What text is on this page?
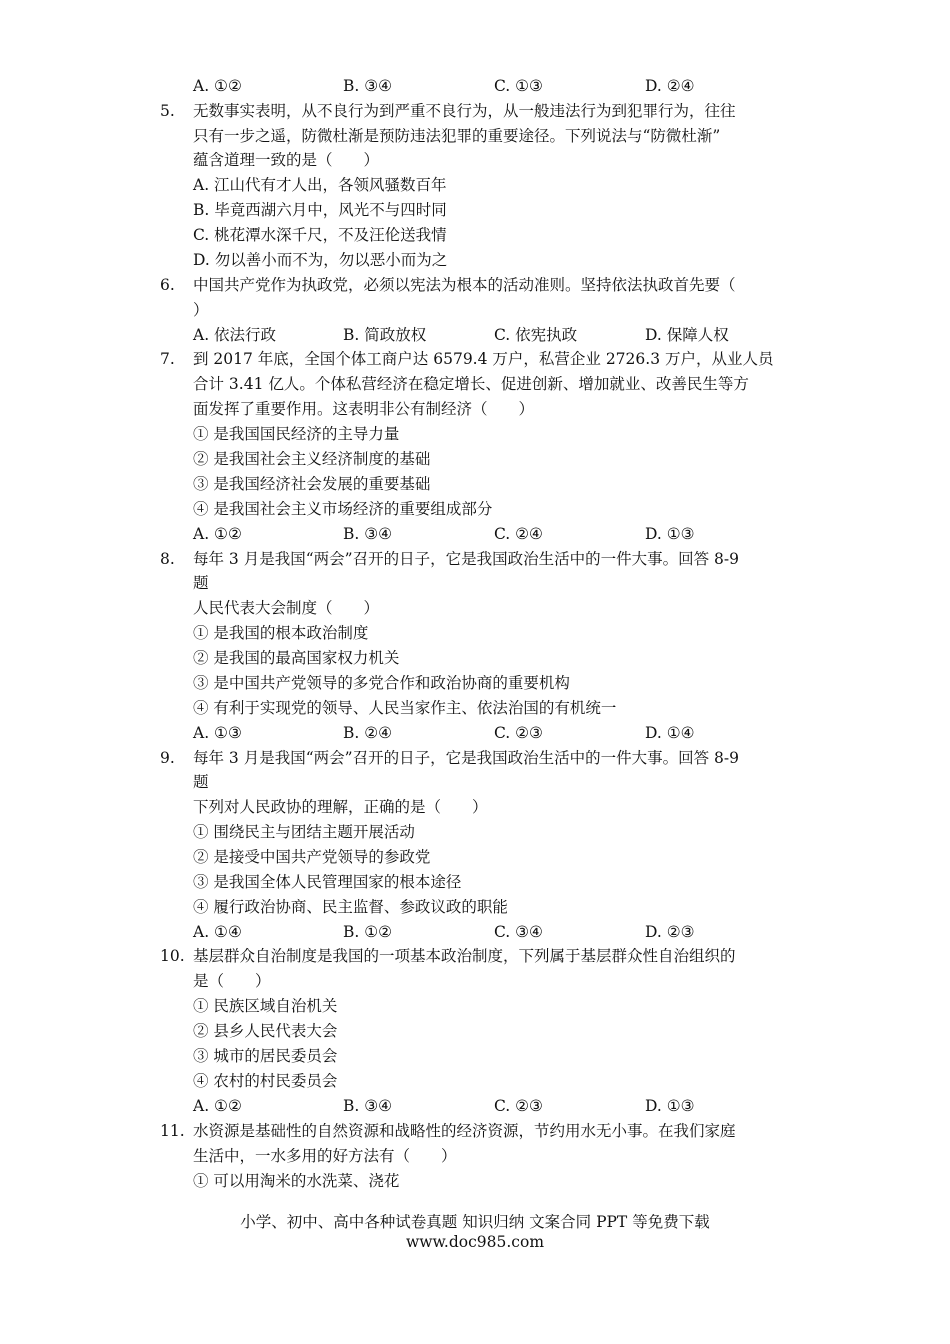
A. ①②	B. ③④	C. ①③	D. ②④
5. 无数事实表明，从不良行为到严重不良行为，从一般违法行为到犯罪行为，往往
只有一步之遥，防微杜渐是预防违法犯罪的重要途径。下列说法与“防微杜渐”
蕴含道理一致的是（　　）
A. 江山代有才人出，各领风骚数百年
B. 毕竟西湖六月中，风光不与四时同
C. 桃花潭水深千尺，不及汪伦送我情
D. 勿以善小而不为，勿以恶小而为之
6. 中国共产党作为执政党，必须以宪法为根本的活动准则。坚持依法执政首先要（
）
A. 依法行政	B. 简政放权	C. 依宪执政	D. 保障人权
7. 到 2017 年底，全国个体工商户达 6579.4 万户，私营企业 2726.3 万户，从业人员
合计 3.41 亿人。个体私营经济在稳定增长、促进创新、增加就业、改善民生等方
面发挥了重要作用。这表明非公有制经济（　　）
① 是我国国民经济的主导力量
② 是我国社会主义经济制度的基础
③ 是我国经济社会发展的重要基础
④ 是我国社会主义市场经济的重要组成部分
A. ①②	B. ③④	C. ②④	D. ①③
8. 每年 3 月是我国“两会”召开的日子，它是我国政治生活中的一件大事。回答 8-9
题
人民代表大会制度（　　）
① 是我国的根本政治制度
② 是我国的最高国家权力机关
③ 是中国共产党领导的多党合作和政治协商的重要机构
④ 有利于实现党的领导、人民当家作主、依法治国的有机统一
A. ①③	B. ②④	C. ②③	D. ①④
9. 每年 3 月是我国“两会”召开的日子，它是我国政治生活中的一件大事。回答 8-9
题
下列对人民政协的理解，正确的是（　　）
① 围绕民主与团结主题开展活动
② 是接受中国共产党领导的参政党
③ 是我国全体人民管理国家的根本途径
④ 履行政治协商、民主监督、参政议政的职能
A. ①④	B. ①②	C. ③④	D. ②③
10. 基层群众自治制度是我国的一项基本政治制度，下列属于基层群众性自治组织的
是（　　）
① 民族区域自治机关
② 县乡人民代表大会
③ 城市的居民委员会
④ 农村的村民委员会
A. ①②	B. ③④	C. ②③	D. ①③
11. 水资源是基础性的自然资源和战略性的经济资源，节约用水无小事。在我们家庭
生活中，一水多用的好方法有（　　）
① 可以用淘米的水洗菜、浇花
小学、初中、高中各种试卷真题 知识归纳 文案合同 PPT 等免费下载
www.doc985.com
